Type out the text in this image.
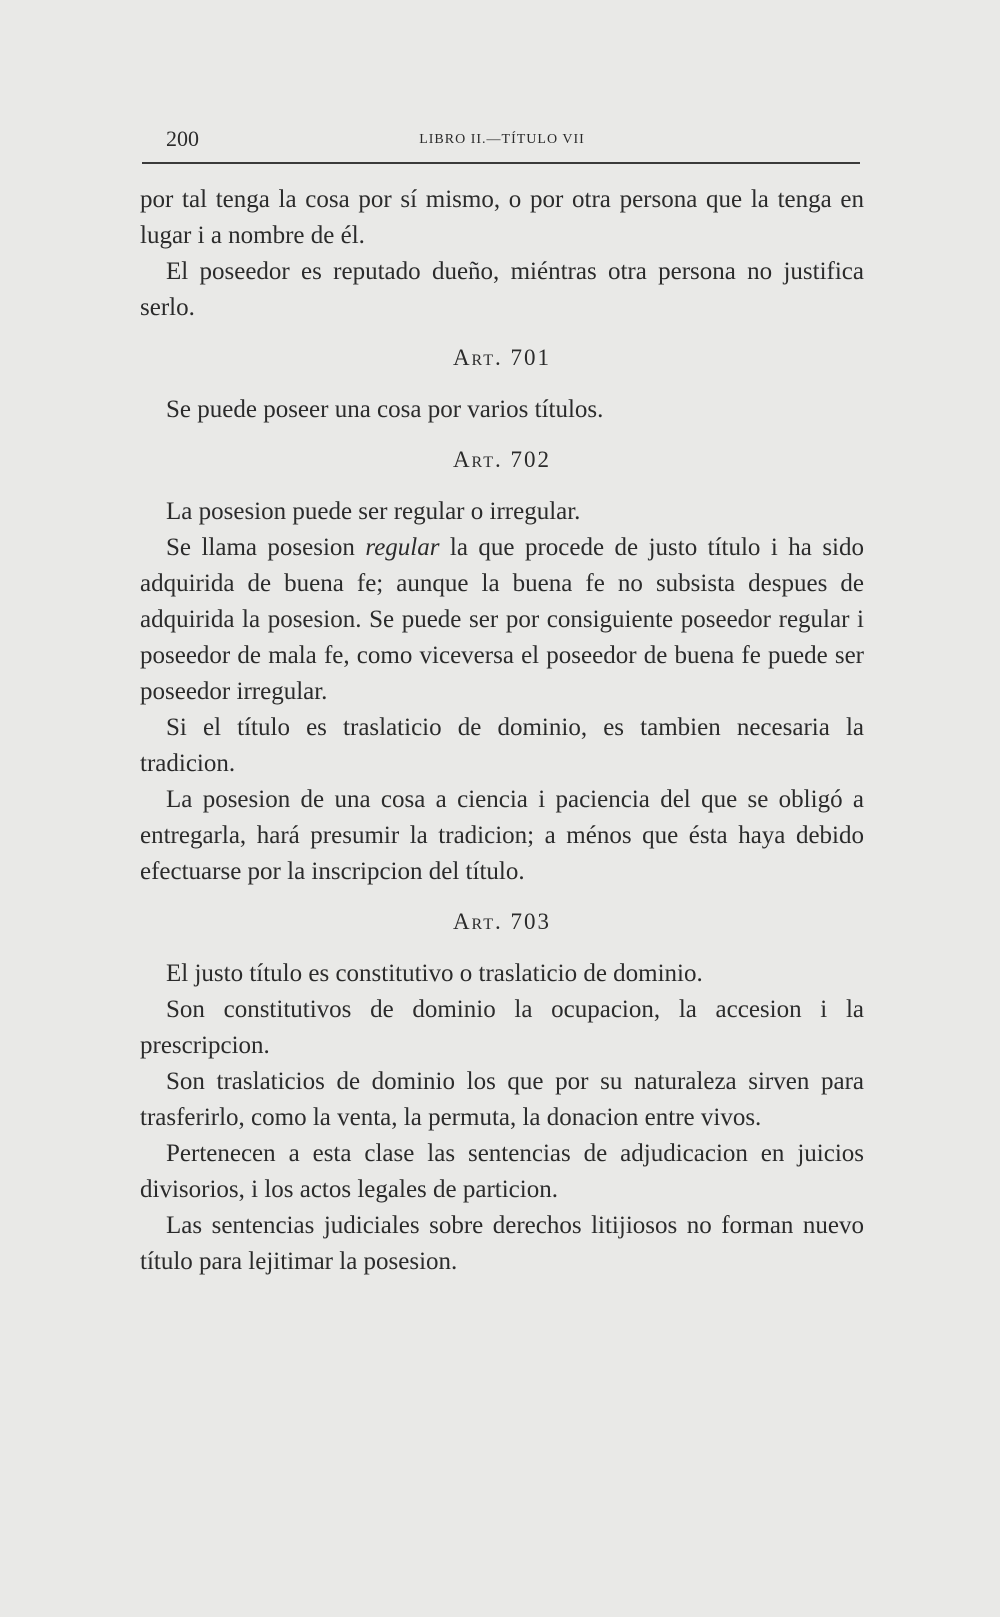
200	LIBRO II.—TÍTULO VII

por tal tenga la cosa por sí mismo, o por otra persona que la tenga en lugar i a nombre de él.

El poseedor es reputado dueño, miéntras otra persona no justifica serlo.

Art. 701

Se puede poseer una cosa por varios títulos.

Art. 702

La posesion puede ser regular o irregular.

Se llama posesion regular la que procede de justo título i ha sido adquirida de buena fe; aunque la buena fe no subsista despues de adquirida la posesion. Se puede ser por consiguiente poseedor regular i poseedor de mala fe, como viceversa el poseedor de buena fe puede ser poseedor irregular.

Si el título es traslaticio de dominio, es tambien necesaria la tradicion.

La posesion de una cosa a ciencia i paciencia del que se obligó a entregarla, hará presumir la tradicion; a ménos que ésta haya debido efectuarse por la inscripcion del título.

Art. 703

El justo título es constitutivo o traslaticio de dominio.

Son constitutivos de dominio la ocupacion, la accesion i la prescripcion.

Son traslaticios de dominio los que por su naturaleza sirven para trasferirlo, como la venta, la permuta, la donacion entre vivos.

Pertenecen a esta clase las sentencias de adjudicacion en juicios divisorios, i los actos legales de particion.

Las sentencias judiciales sobre derechos litijiosos no forman nuevo título para lejitimar la posesion.
